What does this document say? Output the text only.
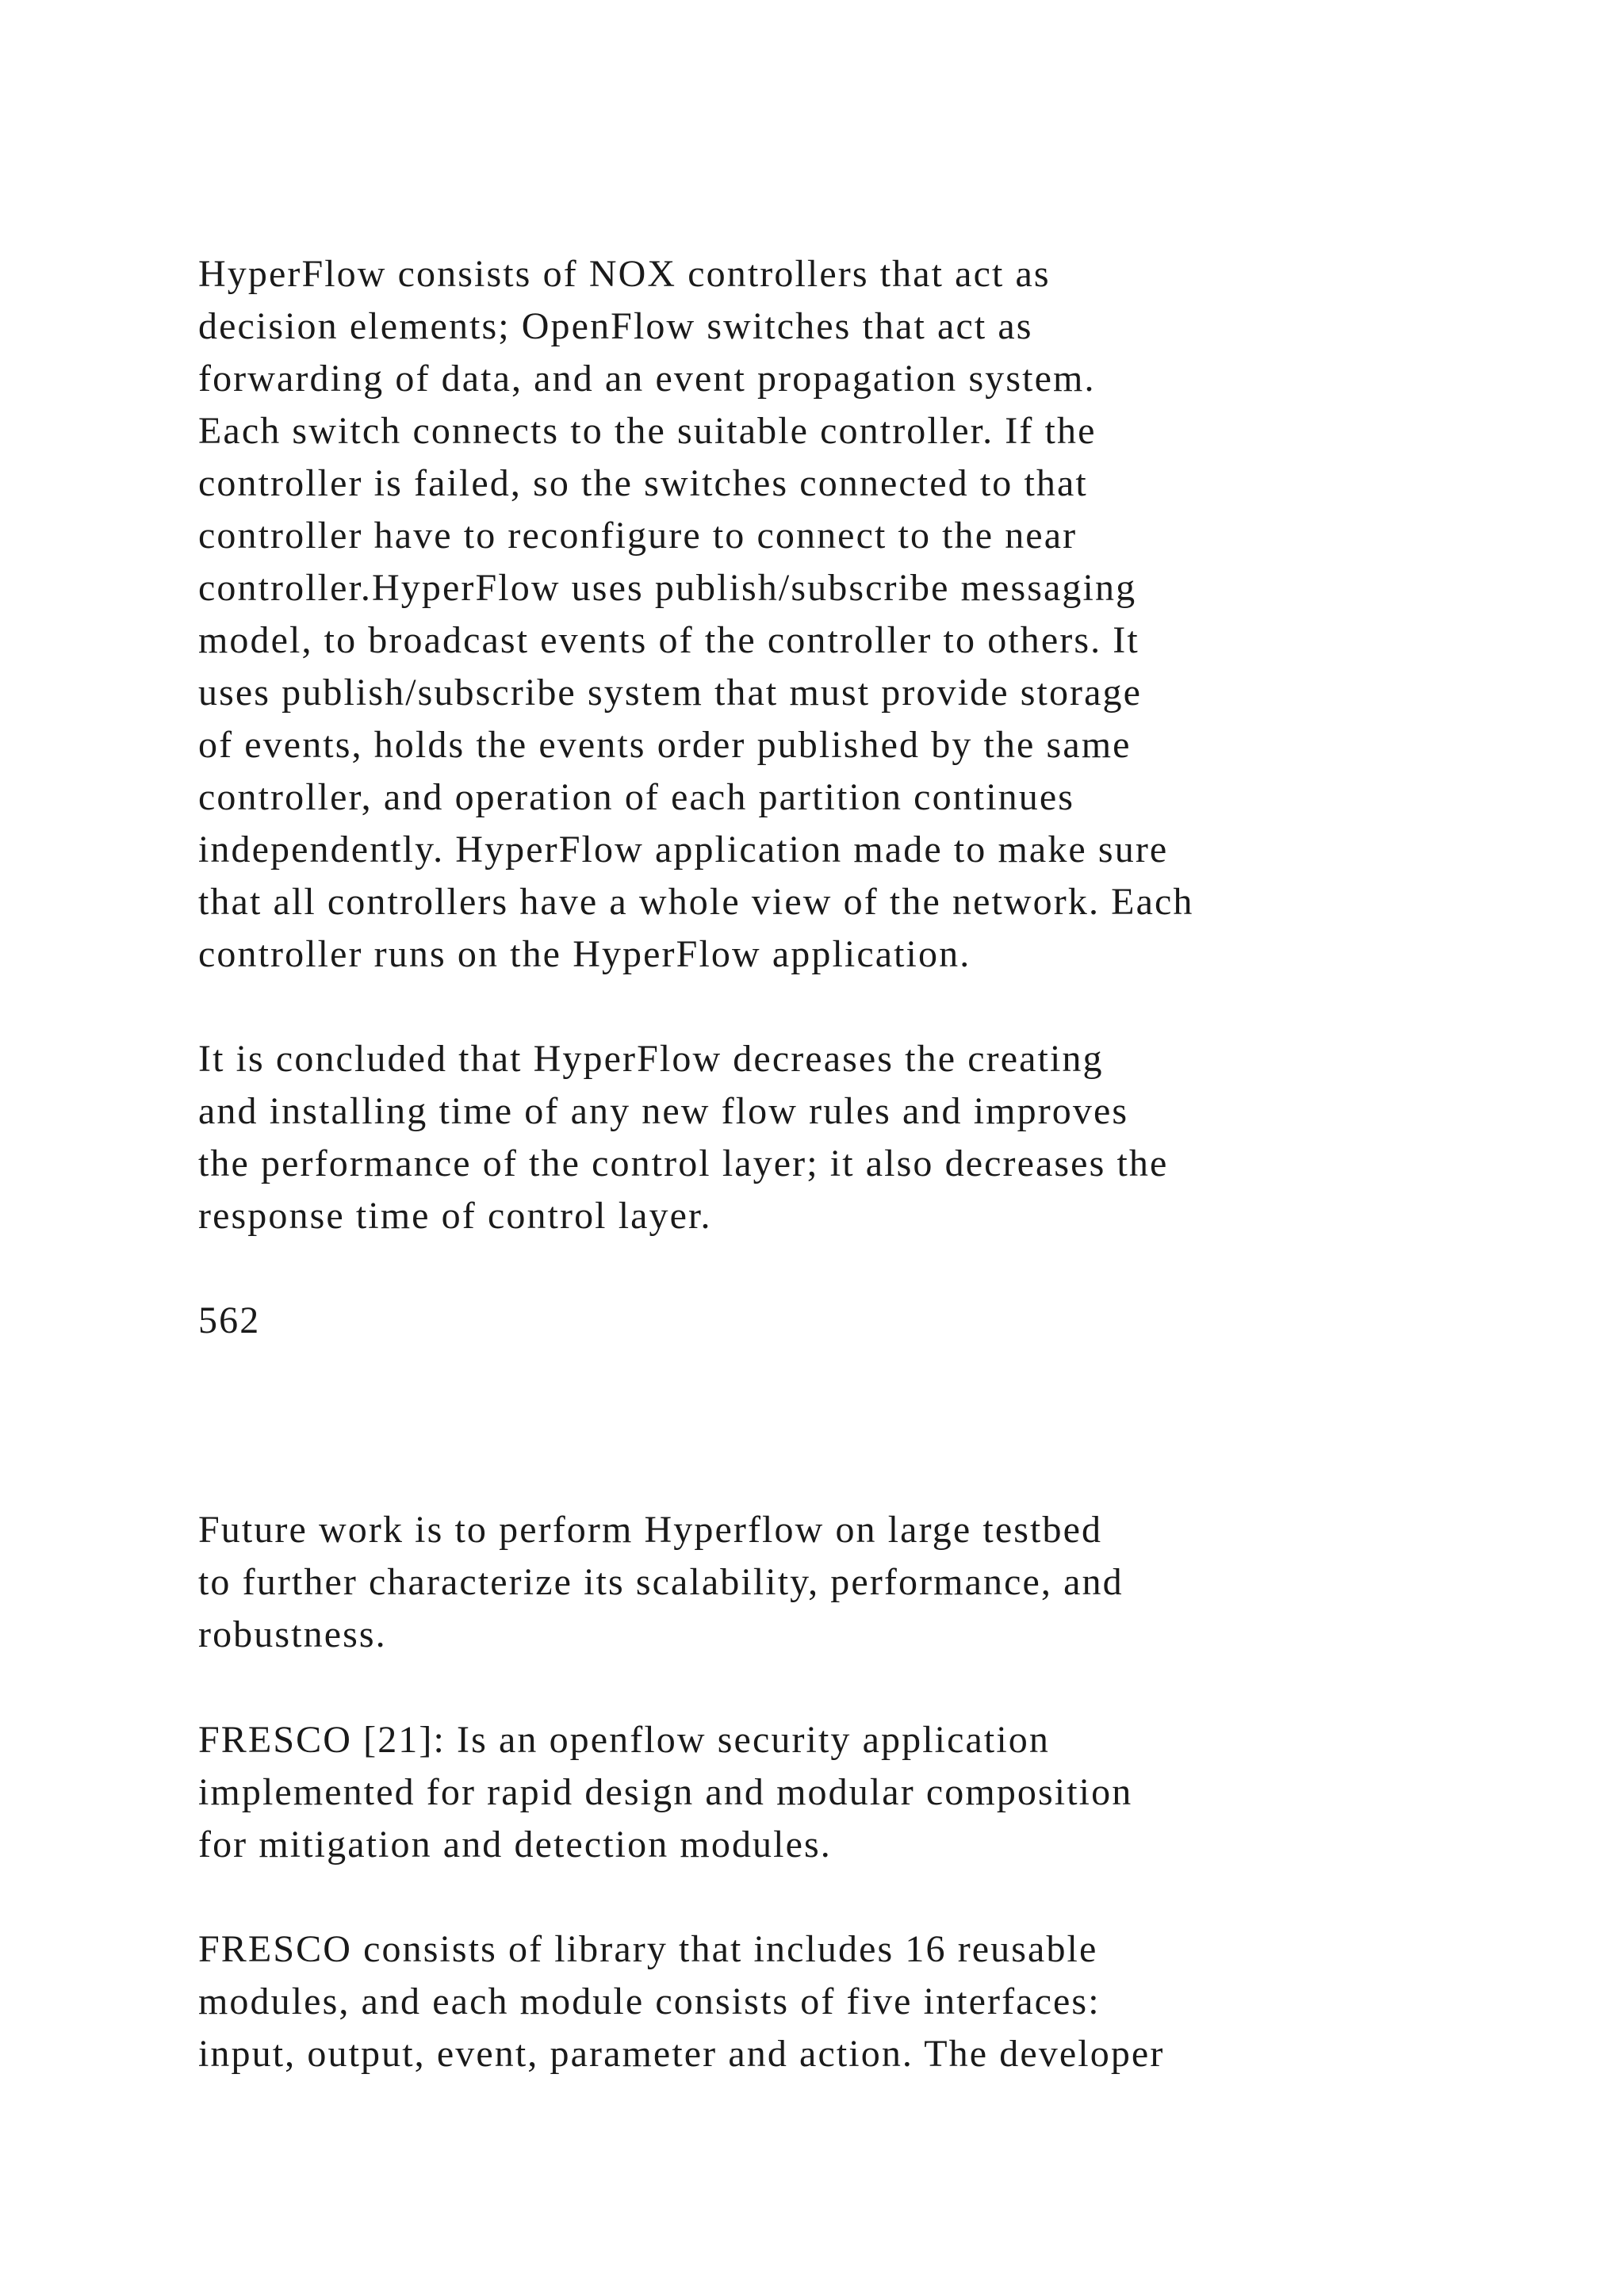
HyperFlow consists of NOX controllers that act as
decision elements; OpenFlow switches that act as
forwarding of data, and an event propagation system.
Each switch connects to the suitable controller. If the
controller is failed, so the switches connected to that
controller have to reconfigure to connect to the near
controller.HyperFlow uses publish/subscribe messaging
model, to broadcast events of the controller to others. It
uses publish/subscribe system that must provide storage
of events, holds the events order published by the same
controller, and operation of each partition continues
independently. HyperFlow application made to make sure
that all controllers have a whole view of the network. Each
controller runs on the HyperFlow application.

It is concluded that HyperFlow decreases the creating
and installing time of any new flow rules and improves
the performance of the control layer; it also decreases the
response time of control layer.

562

Future work is to perform Hyperflow on large testbed
to further characterize its scalability, performance, and
robustness.

FRESCO [21]: Is an openflow security application
implemented for rapid design and modular composition
for mitigation and detection modules.

FRESCO consists of library that includes 16 reusable
modules, and each module consists of five interfaces:
input, output, event, parameter and action. The developer
